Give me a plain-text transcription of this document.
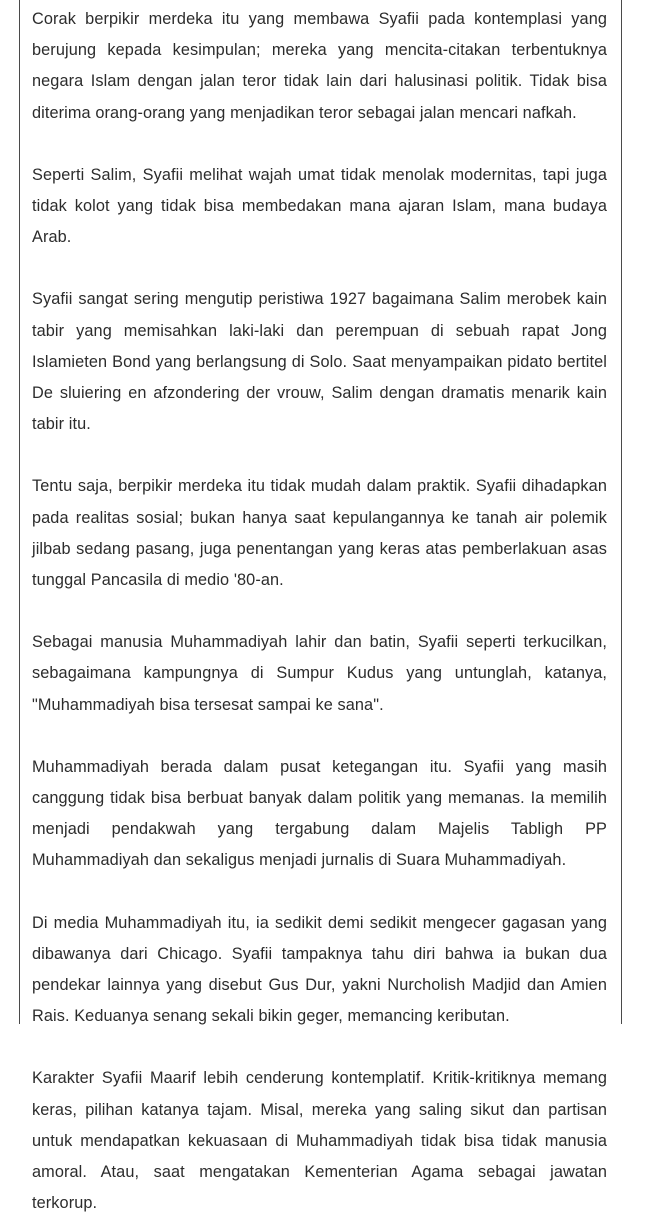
Corak berpikir merdeka itu yang membawa Syafii pada kontemplasi yang berujung kepada kesimpulan; mereka yang mencita-citakan terbentuknya negara Islam dengan jalan teror tidak lain dari halusinasi politik. Tidak bisa diterima orang-orang yang menjadikan teror sebagai jalan mencari nafkah.

Seperti Salim, Syafii melihat wajah umat tidak menolak modernitas, tapi juga tidak kolot yang tidak bisa membedakan mana ajaran Islam, mana budaya Arab.

Syafii sangat sering mengutip peristiwa 1927 bagaimana Salim merobek kain tabir yang memisahkan laki-laki dan perempuan di sebuah rapat Jong Islamieten Bond yang berlangsung di Solo. Saat menyampaikan pidato bertitel De sluiering en afzondering der vrouw, Salim dengan dramatis menarik kain tabir itu.

Tentu saja, berpikir merdeka itu tidak mudah dalam praktik. Syafii dihadapkan pada realitas sosial; bukan hanya saat kepulangannya ke tanah air polemik jilbab sedang pasang, juga penentangan yang keras atas pemberlakuan asas tunggal Pancasila di medio '80-an.

Sebagai manusia Muhammadiyah lahir dan batin, Syafii seperti terkucilkan, sebagaimana kampungnya di Sumpur Kudus yang untunglah, katanya, "Muhammadiyah bisa tersesat sampai ke sana".

Muhammadiyah berada dalam pusat ketegangan itu. Syafii yang masih canggung tidak bisa berbuat banyak dalam politik yang memanas. Ia memilih menjadi pendakwah yang tergabung dalam Majelis Tabligh PP Muhammadiyah dan sekaligus menjadi jurnalis di Suara Muhammadiyah.

Di media Muhammadiyah itu, ia sedikit demi sedikit mengecer gagasan yang dibawanya dari Chicago. Syafii tampaknya tahu diri bahwa ia bukan dua pendekar lainnya yang disebut Gus Dur, yakni Nurcholish Madjid dan Amien Rais. Keduanya senang sekali bikin geger, memancing keributan.

Karakter Syafii Maarif lebih cenderung kontemplatif. Kritik-kritiknya memang keras, pilihan katanya tajam. Misal, mereka yang saling sikut dan partisan untuk mendapatkan kekuasaan di Muhammadiyah tidak bisa tidak manusia amoral. Atau, saat mengatakan Kementerian Agama sebagai jawatan terkorup.
